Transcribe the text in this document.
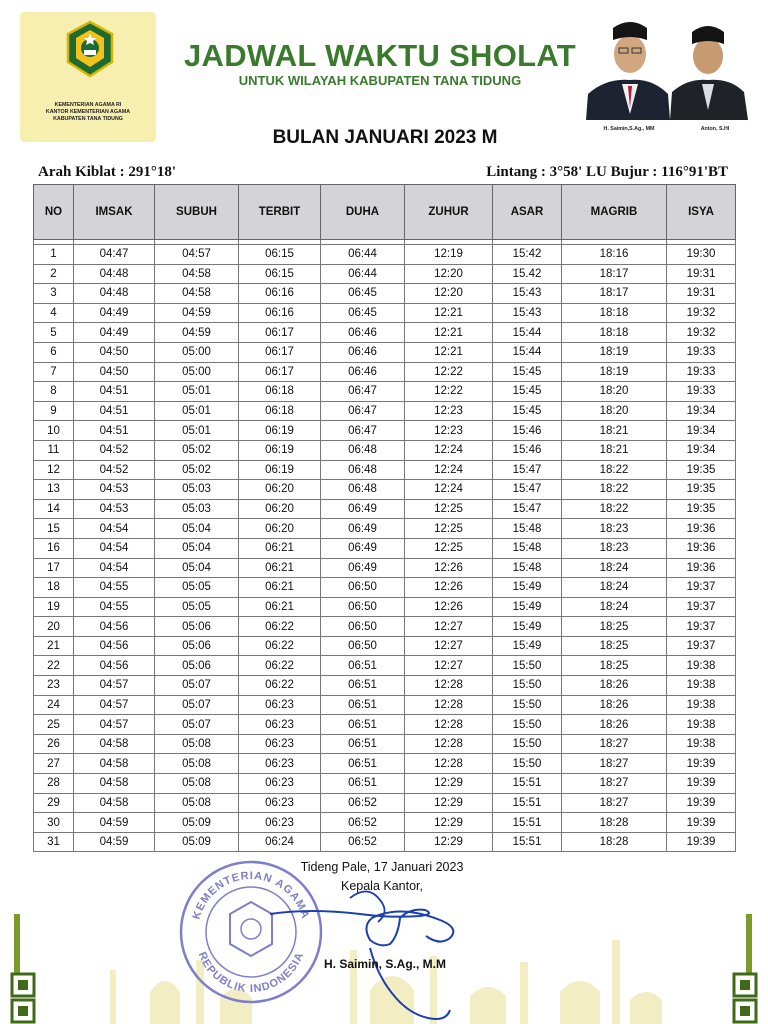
KEMENTERIAN AGAMA RI
KANTOR KEMENTERIAN AGAMA
KABUPATEN TANA TIDUNG
JADWAL WAKTU SHOLAT
UNTUK WILAYAH KABUPATEN TANA TIDUNG
BULAN JANUARI 2023 M	H. Saimin,S.Ag., MM	Anton, S.HI
Arah Kiblat : 291°18'	Lintang : 3°58' LU Bujur : 116°91'BT
NO	IMSAK	SUBUH	TERBIT	DUHA	ZUHUR	ASAR	MAGRIB	ISYA

1	04:47	04:57	06:15	06:44	12:19	15:42	18:16	19:30
2	04:48	04:58	06:15	06:44	12:20	15.42	18:17	19:31
3	04:48	04:58	06:16	06:45	12:20	15:43	18:17	19:31
4	04:49	04:59	06:16	06:45	12:21	15:43	18:18	19:32
5	04:49	04:59	06:17	06:46	12:21	15:44	18:18	19:32
6	04:50	05:00	06:17	06:46	12:21	15:44	18:19	19:33
7	04:50	05:00	06:17	06:46	12:22	15:45	18:19	19:33
8	04:51	05:01	06:18	06:47	12:22	15:45	18:20	19:33
9	04:51	05:01	06:18	06:47	12:23	15:45	18:20	19:34
10	04:51	05:01	06:19	06:47	12:23	15:46	18:21	19:34
11	04:52	05:02	06:19	06:48	12:24	15:46	18:21	19:34
12	04:52	05:02	06:19	06:48	12:24	15:47	18:22	19:35
13	04:53	05:03	06:20	06:48	12:24	15:47	18:22	19:35
14	04:53	05:03	06:20	06:49	12:25	15:47	18:22	19:35
15	04:54	05:04	06:20	06:49	12:25	15:48	18:23	19:36
16	04:54	05:04	06:21	06:49	12:25	15:48	18:23	19:36
17	04:54	05:04	06:21	06:49	12:26	15:48	18:24	19:36
18	04:55	05:05	06:21	06:50	12:26	15:49	18:24	19:37
19	04:55	05:05	06:21	06:50	12:26	15:49	18:24	19:37
20	04:56	05:06	06:22	06:50	12:27	15:49	18:25	19:37
21	04:56	05:06	06:22	06:50	12:27	15:49	18:25	19:37
22	04:56	05:06	06:22	06:51	12:27	15:50	18:25	19:38
23	04:57	05:07	06:22	06:51	12:28	15:50	18:26	19:38
24	04:57	05:07	06:23	06:51	12:28	15:50	18:26	19:38
25	04:57	05:07	06:23	06:51	12:28	15:50	18:26	19:38
26	04:58	05:08	06:23	06:51	12:28	15:50	18:27	19:38
27	04:58	05:08	06:23	06:51	12:28	15:50	18:27	19:39
28	04:58	05:08	06:23	06:51	12:29	15:51	18:27	19:39
29	04:58	05:08	06:23	06:52	12:29	15:51	18:27	19:39
30	04:59	05:09	06:23	06:52	12:29	15:51	18:28	19:39
31	04:59	05:09	06:24	06:52	12:29	15:51	18:28	19:39
KEMENTERIAN AGAMA
REPUBLIK INDONESIA
Tideng Pale, 17 Januari 2023
Kepala Kantor,
H. Saimin, S.Ag., M.M
